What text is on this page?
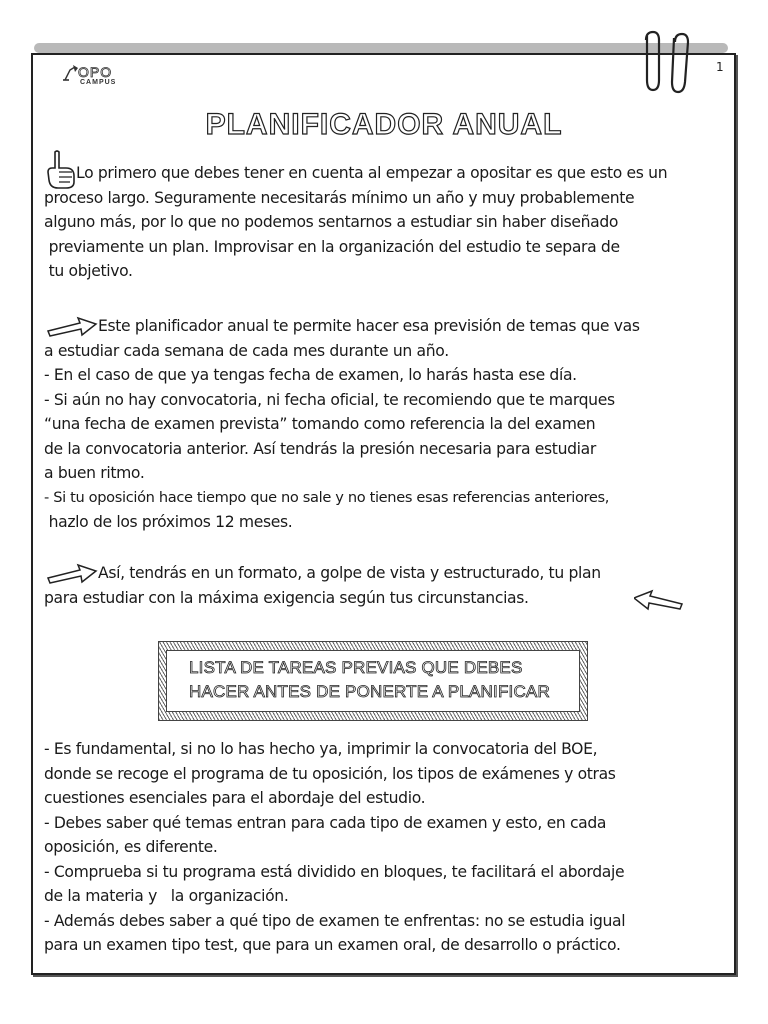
1
OPO
CAMPUS
PLANIFICADOR ANUAL
Lo primero que debes tener en cuenta al empezar a opositar es que esto es un
proceso largo. Seguramente necesitarás mínimo un año y muy probablemente
alguno más, por lo que no podemos sentarnos a estudiar sin haber diseñado
previamente un plan. Improvisar en la organización del estudio te separa de
tu objetivo.
Este planificador anual te permite hacer esa previsión de temas que vas
a estudiar cada semana de cada mes durante un año.
- En el caso de que ya tengas fecha de examen, lo harás hasta ese día.
- Si aún no hay convocatoria, ni fecha oficial, te recomiendo que te marques
“una fecha de examen prevista” tomando como referencia la del examen
de la convocatoria anterior. Así tendrás la presión necesaria para estudiar
a buen ritmo.
- Si tu oposición hace tiempo que no sale y no tienes esas referencias anteriores,
hazlo de los próximos 12 meses.
Así, tendrás en un formato, a golpe de vista y estructurado, tu plan
para estudiar con la máxima exigencia según tus circunstancias.
LISTA DE TAREAS PREVIAS QUE DEBES
HACER ANTES DE PONERTE A PLANIFICAR
- Es fundamental, si no lo has hecho ya, imprimir la convocatoria del BOE,
donde se recoge el programa de tu oposición, los tipos de exámenes y otras
cuestiones esenciales para el abordaje del estudio.
- Debes saber qué temas entran para cada tipo de examen y esto, en cada
oposición, es diferente.
- Comprueba si tu programa está dividido en bloques, te facilitará el abordaje
de la materia y   la organización.
- Además debes saber a qué tipo de examen te enfrentas: no se estudia igual
para un examen tipo test, que para un examen oral, de desarrollo o práctico.
